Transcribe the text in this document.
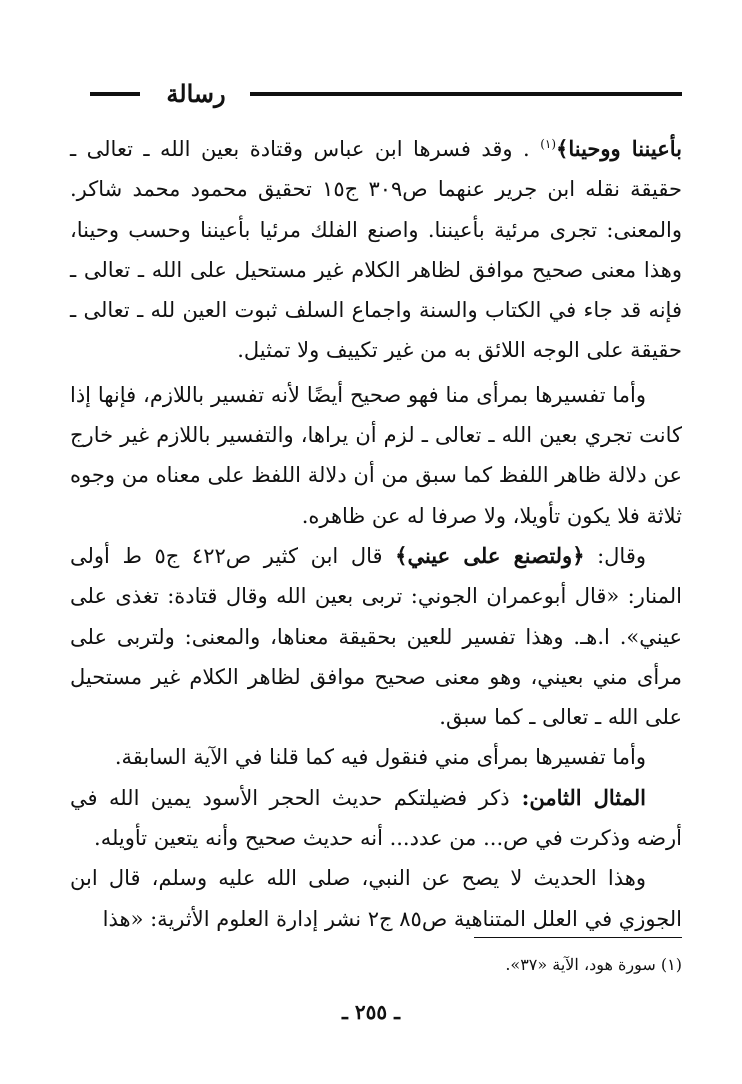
رسالة

بأعيننا ووحينا﴾$^{(١)}$ . وقد فسرها ابن عباس وقتادة بعين الله ـ تعالى ـ حقيقة نقله ابن جرير عنهما ص٣٠٩ ج١٥ تحقيق محمود محمد شاكر. والمعنى: تجرى مرئية بأعيننا. واصنع الفلك مرئيا بأعيننا وحسب وحينا، وهذا معنى صحيح موافق لظاهر الكلام غير مستحيل على الله ـ تعالى ـ فإنه قد جاء في الكتاب والسنة واجماع السلف ثبوت العين لله ـ تعالى ـ حقيقة على الوجه اللائق به من غير تكييف ولا تمثيل.

وأما تفسيرها بمرأى منا فهو صحيح أيضًا لأنه تفسير باللازم، فإنها إذا كانت تجري بعين الله ـ تعالى ـ لزم أن يراها، والتفسير باللازم غير خارج عن دلالة ظاهر اللفظ كما سبق من أن دلالة اللفظ على معناه من وجوه ثلاثة فلا يكون تأويلا، ولا صرفا له عن ظاهره.

وقال: ﴿ولتصنع على عيني﴾ قال ابن كثير ص٤٢٢ ج٥ ط أولى المنار: «قال أبوعمران الجوني: تربى بعين الله وقال قتادة: تغذى على عيني». ا.هـ. وهذا تفسير للعين بحقيقة معناها، والمعنى: ولتربى على مرأى مني بعيني، وهو معنى صحيح موافق لظاهر الكلام غير مستحيل على الله ـ تعالى ـ كما سبق.

وأما تفسيرها بمرأى مني فنقول فيه كما قلنا في الآية السابقة.

المثال الثامن: ذكر فضيلتكم حديث الحجر الأسود يمين الله في أرضه وذكرت في ص... من عدد... أنه حديث صحيح وأنه يتعين تأويله.

وهذا الحديث لا يصح عن النبي، صلى الله عليه وسلم، قال ابن الجوزي في العلل المتناهية ص٨٥ ج٢ نشر إدارة العلوم الأثرية: «هذا

(١) سورة هود، الآية «٣٧».
ـ ٢٥٥ ـ
